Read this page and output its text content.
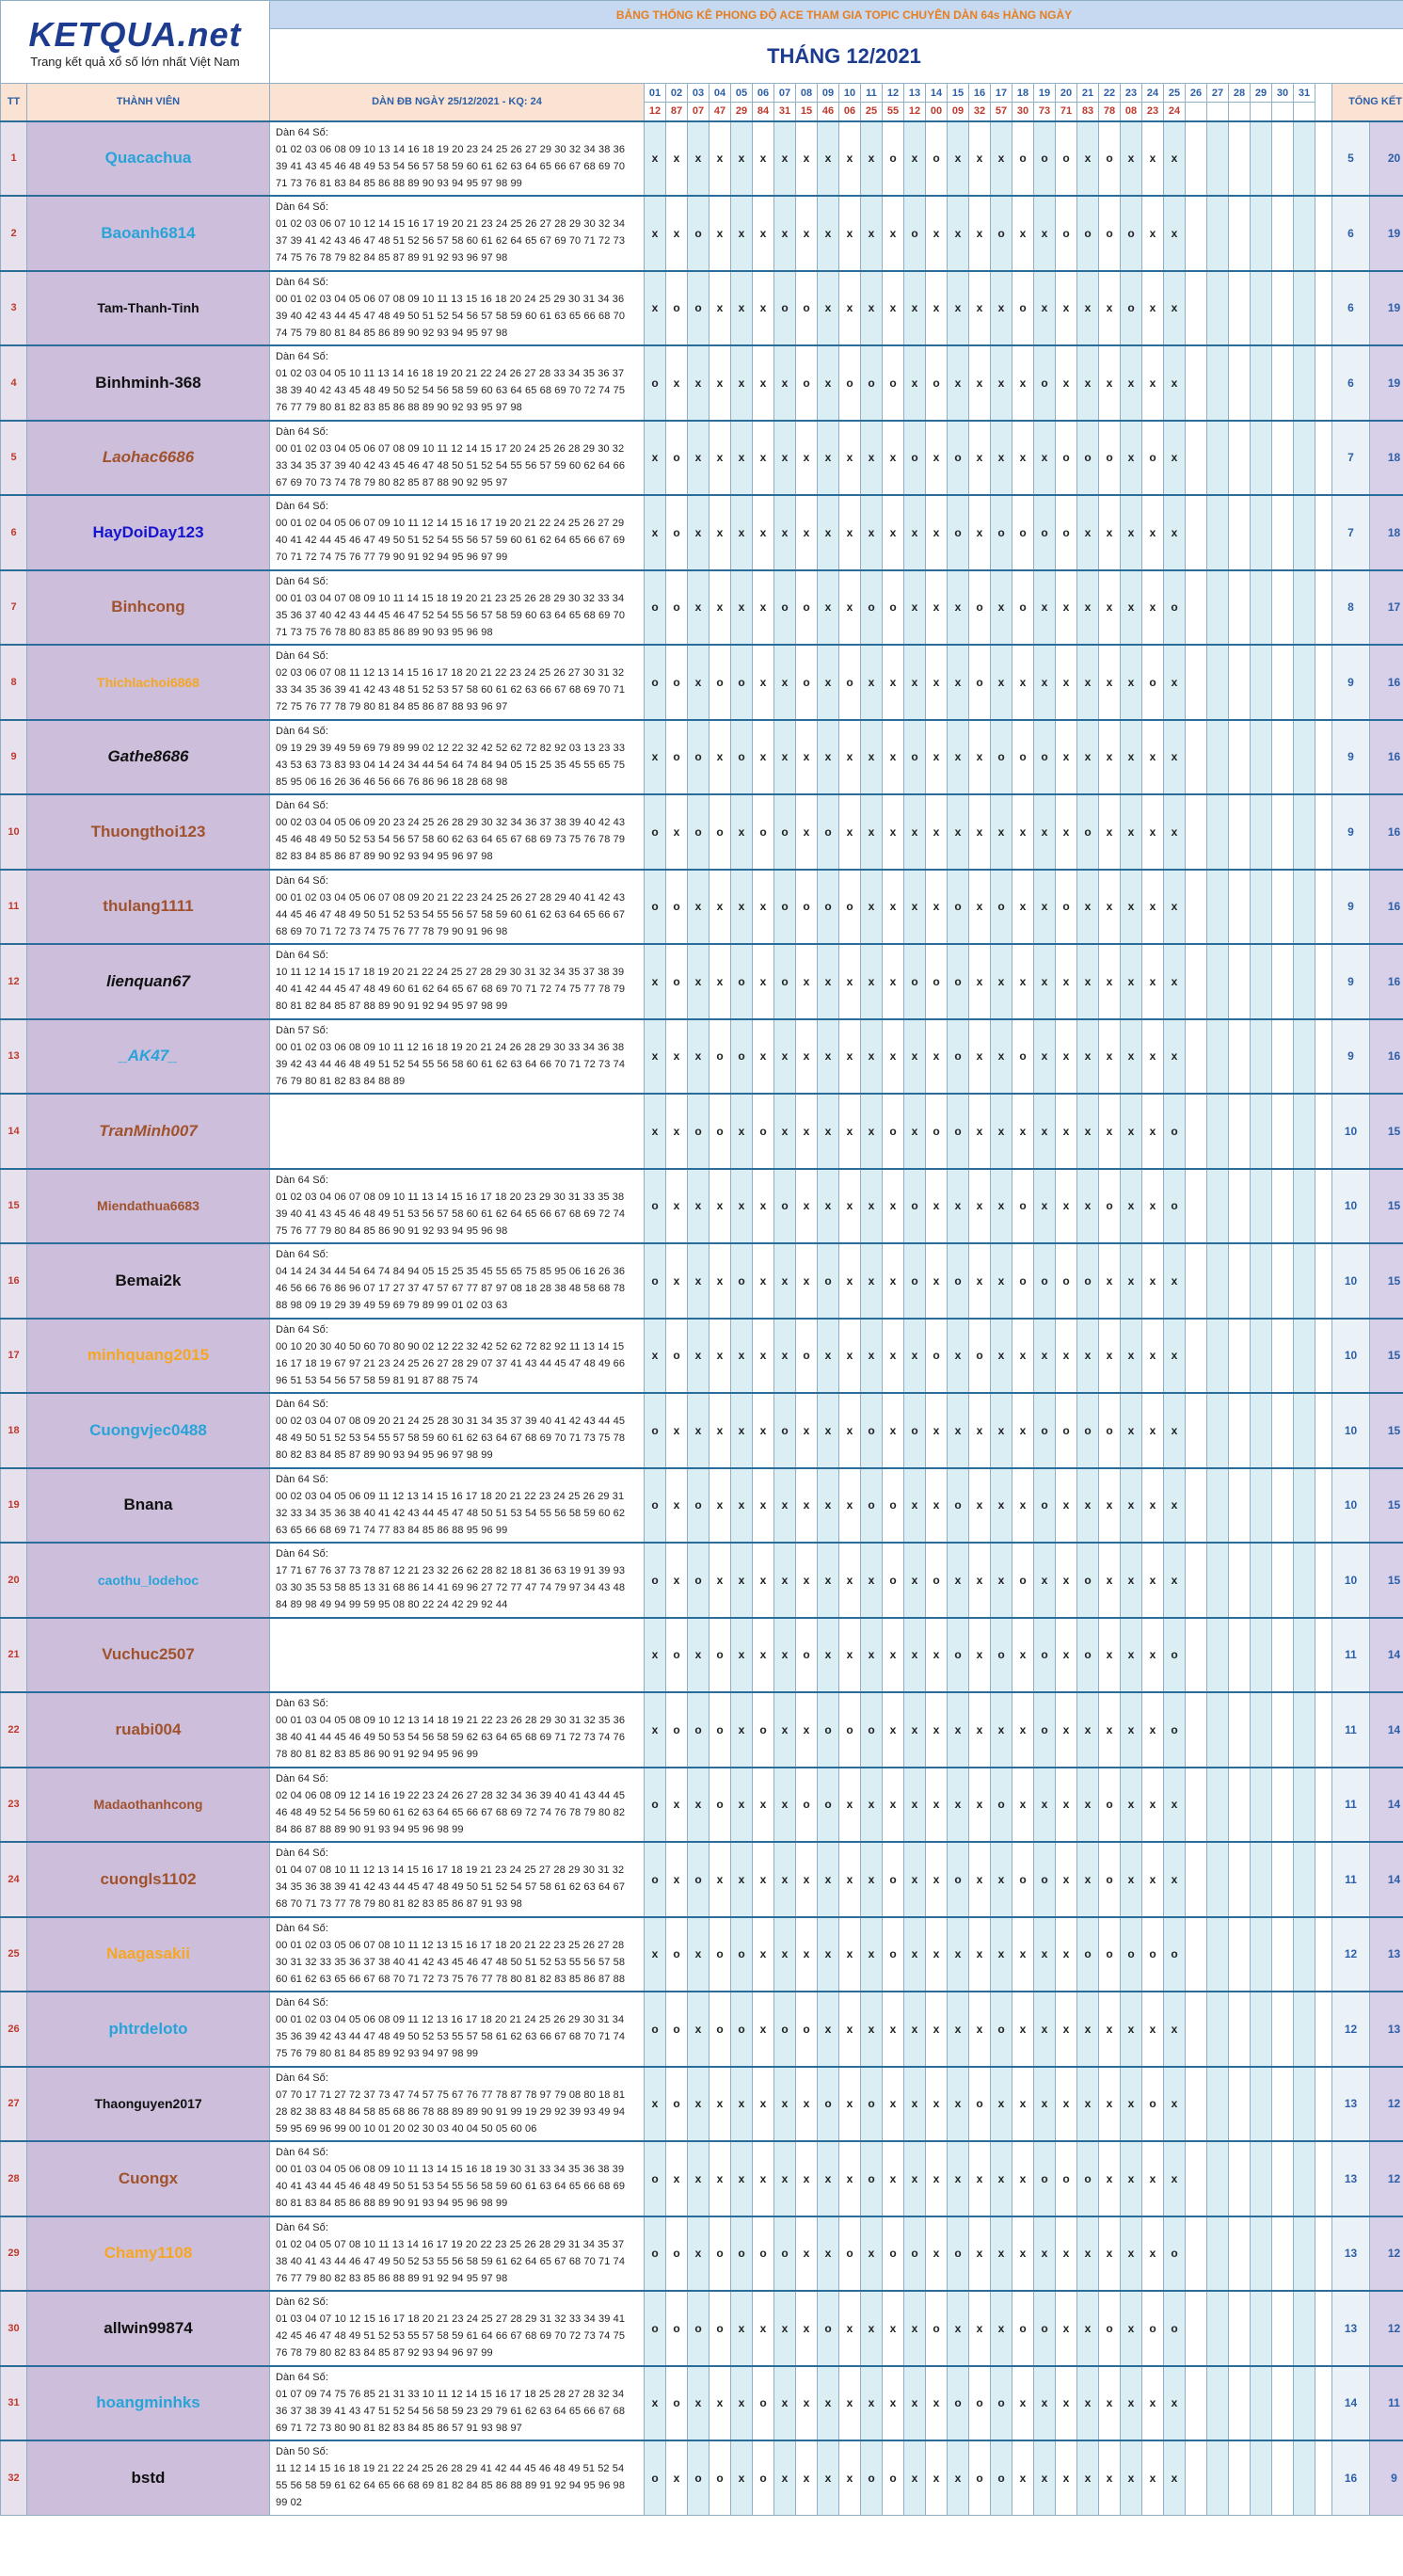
KETQUA.net
Trang kết quả xổ số lớn nhất Việt Nam		BẢNG THỐNG KÊ PHONG ĐỘ ACE THAM GIA TOPIC CHUYÊN DÀN 64s HÀNG NGÀY																																		
		THÁNG 12/2021																																		
TT	THÀNH VIÊN	DÀN ĐB NGÀY 25/12/2021 - KQ: 24	01	02	03	04	05	06	07	08	09	10	11	12	13	14	15	16	17	18	19	20	21	22	23	24	25	26	27	28	29	30	31		TỔNG KẾT	
			12	87	07	47	29	84	31	15	46	06	25	55	12	00	09	32	57	30	73	71	83	78	08	23	24									
1	Quacachua	Dàn 64 Số:
01 02 03 06 08 09 10 13 14 16 18 19 20 23 24 25 26 27 29 30 32 34 38 36 39 41 43 45 46 48 49 53 54 56 57 58 59 60 61 62 63 64 65 66 67 68 69 70 71 73 76 81 83 84 85 86 88 89 90 93 94 95 97 98 99	x	x	x	x	x	x	x	x	x	x	x	o	x	o	x	x	x	o	o	o	x	o	x	x	x								5	20
2	Baoanh6814	Dàn 64 Số:
01 02 03 06 07 10 12 14 15 16 17 19 20 21 23 24 25 26 27 28 29 30 32 34 37 39 41 42 43 46 47 48 51 52 56 57 58 60 61 62 64 65 67 69 70 71 72 73 74 75 76 78 79 82 84 85 87 89 91 92 93 96 97 98	x	x	o	x	x	x	x	x	x	x	x	x	o	x	x	x	o	x	x	o	o	o	o	x	x								6	19
3	Tam-Thanh-Tinh	Dàn 64 Số:
00 01 02 03 04 05 06 07 08 09 10 11 13 15 16 18 20 24 25 29 30 31 34 36 39 40 42 43 44 45 47 48 49 50 51 52 54 56 57 58 59 60 61 63 65 66 68 70 74 75 79 80 81 84 85 86 89 90 92 93 94 95 97 98	x	o	o	x	x	x	o	o	x	x	x	x	x	x	x	x	x	o	x	x	x	x	o	x	x								6	19
4	Binhminh-368	Dàn 64 Số:
01 02 03 04 05 10 11 13 14 16 18 19 20 21 22 24 26 27 28 33 34 35 36 37 38 39 40 42 43 45 48 49 50 52 54 56 58 59 60 63 64 65 68 69 70 72 74 75 76 77 79 80 81 82 83 85 86 88 89 90 92 93 95 97 98	o	x	x	x	x	x	x	o	x	o	o	o	x	o	x	x	x	x	o	x	x	x	x	x	x								6	19
5	Laohac6686	Dàn 64 Số:
00 01 02 03 04 05 06 07 08 09 10 11 12 14 15 17 20 24 25 26 28 29 30 32 33 34 35 37 39 40 42 43 45 46 47 48 50 51 52 54 55 56 57 59 60 62 64 66 67 69 70 73 74 78 79 80 82 85 87 88 90 92 95 97	x	o	x	x	x	x	x	x	x	x	x	x	o	x	o	x	x	x	x	o	o	o	x	o	x								7	18
6	HayDoiDay123	Dàn 64 Số:
00 01 02 04 05 06 07 09 10 11 12 14 15 16 17 19 20 21 22 24 25 26 27 29 40 41 42 44 45 46 47 49 50 51 52 54 55 56 57 59 60 61 62 64 65 66 67 69 70 71 72 74 75 76 77 79 90 91 92 94 95 96 97 99	x	o	x	x	x	x	x	x	x	x	x	x	x	x	o	x	o	o	o	o	x	x	x	x	x								7	18
7	Binhcong	Dàn 64 Số:
00 01 03 04 07 08 09 10 11 14 15 18 19 20 21 23 25 26 28 29 30 32 33 34 35 36 37 40 42 43 44 45 46 47 52 54 55 56 57 58 59 60 63 64 65 68 69 70 71 73 75 76 78 80 83 85 86 89 90 93 95 96 98	o	o	x	x	x	x	o	o	x	x	o	o	x	x	x	o	x	o	x	x	x	x	x	x	o								8	17
8	Thichlachoi6868	Dàn 64 Số:
02 03 06 07 08 11 12 13 14 15 16 17 18 20 21 22 23 24 25 26 27 30 31 32 33 34 35 36 39 41 42 43 48 51 52 53 57 58 60 61 62 63 66 67 68 69 70 71 72 75 76 77 78 79 80 81 84 85 86 87 88 93 96 97	o	o	x	o	o	x	x	o	x	o	x	x	x	x	x	o	x	x	x	x	x	x	x	o	x								9	16
9	Gathe8686	Dàn 64 Số:
09 19 29 39 49 59 69 79 89 99 02 12 22 32 42 52 62 72 82 92 03 13 23 33 43 53 63 73 83 93 04 14 24 34 44 54 64 74 84 94 05 15 25 35 45 55 65 75 85 95 06 16 26 36 46 56 66 76 86 96 18 28 68 98	x	o	o	x	o	x	x	x	x	x	x	x	o	x	x	x	o	o	o	x	x	x	x	x	x								9	16
10	Thuongthoi123	Dàn 64 Số:
00 02 03 04 05 06 09 20 23 24 25 26 28 29 30 32 34 36 37 38 39 40 42 43 45 46 48 49 50 52 53 54 56 57 58 60 62 63 64 65 67 68 69 73 75 76 78 79 82 83 84 85 86 87 89 90 92 93 94 95 96 97 98	o	x	o	o	x	o	o	x	o	x	x	x	x	x	x	x	x	x	x	x	o	x	x	x	x								9	16
11	thulang1111	Dàn 64 Số:
00 01 02 03 04 05 06 07 08 09 20 21 22 23 24 25 26 27 28 29 40 41 42 43 44 45 46 47 48 49 50 51 52 53 54 55 56 57 58 59 60 61 62 63 64 65 66 67 68 69 70 71 72 73 74 75 76 77 78 79 90 91 96 98	o	o	x	x	x	x	o	o	o	o	x	x	x	x	o	x	o	x	x	o	x	x	x	x	x								9	16
12	lienquan67	Dàn 64 Số:
10 11 12 14 15 17 18 19 20 21 22 24 25 27 28 29 30 31 32 34 35 37 38 39 40 41 42 44 45 47 48 49 60 61 62 64 65 67 68 69 70 71 72 74 75 77 78 79 80 81 82 84 85 87 88 89 90 91 92 94 95 97 98 99	x	o	x	x	o	x	o	x	x	x	x	x	o	o	o	x	x	x	x	x	x	x	x	x	x								9	16
13	_AK47_	Dàn 57 Số:
00 01 02 03 06 08 09 10 11 12 16 18 19 20 21 24 26 28 29 30 33 34 36 38 39 42 43 44 46 48 49 51 52 54 55 56 58 60 61 62 63 64 66 70 71 72 73 74 76 79 80 81 82 83 84 88 89	x	x	x	o	o	x	x	x	x	x	x	x	x	x	o	x	x	o	x	x	x	x	x	x	x								9	16
14	TranMinh007		x	x	o	o	x	o	x	x	x	x	x	o	x	o	o	x	x	x	x	x	x	x	x	x	o								10	15
15	Miendathua6683	Dàn 64 Số:
01 02 03 04 06 07 08 09 10 11 13 14 15 16 17 18 20 23 29 30 31 33 35 38 39 40 41 43 45 46 48 49 51 53 56 57 58 60 61 62 64 65 66 67 68 69 72 74 75 76 77 79 80 84 85 86 90 91 92 93 94 95 96 98	o	x	x	x	x	x	o	x	x	x	x	x	o	x	x	x	x	o	x	x	x	o	x	x	o								10	15
16	Bemai2k	Dàn 64 Số:
04 14 24 34 44 54 64 74 84 94 05 15 25 35 45 55 65 75 85 95 06 16 26 36 46 56 66 76 86 96 07 17 27 37 47 57 67 77 87 97 08 18 28 38 48 58 68 78 88 98 09 19 29 39 49 59 69 79 89 99 01 02 03 63	o	x	x	x	o	x	x	x	o	x	x	x	o	x	o	x	x	o	o	o	o	x	x	x	x								10	15
17	minhquang2015	Dàn 64 Số:
00 10 20 30 40 50 60 70 80 90 02 12 22 32 42 52 62 72 82 92 11 13 14 15 16 17 18 19 67 97 21 23 24 25 26 27 28 29 07 37 41 43 44 45 47 48 49 66 96 51 53 54 56 57 58 59 81 91 87 88 75 74	x	o	x	x	x	x	x	o	x	x	x	x	x	o	x	o	x	x	x	x	x	x	x	x	x								10	15
18	Cuongvjec0488	Dàn 64 Số:
00 02 03 04 07 08 09 20 21 24 25 28 30 31 34 35 37 39 40 41 42 43 44 45 48 49 50 51 52 53 54 55 57 58 59 60 61 62 63 64 67 68 69 70 71 73 75 78 80 82 83 84 85 87 89 90 93 94 95 96 97 98 99	o	x	x	x	x	x	o	x	x	x	o	x	o	x	x	x	x	x	o	o	o	o	x	x	x								10	15
19	Bnana	Dàn 64 Số:
00 02 03 04 05 06 09 11 12 13 14 15 16 17 18 20 21 22 23 24 25 26 29 31 32 33 34 35 36 38 40 41 42 43 44 45 47 48 50 51 53 54 55 56 58 59 60 62 63 65 66 68 69 71 74 77 83 84 85 86 88 95 96 99	o	x	o	x	x	x	x	x	x	x	o	o	x	x	o	x	x	x	o	x	x	x	x	x	x								10	15
20	caothu_lodehoc	Dàn 64 Số:
17 71 67 76 37 73 78 87 12 21 23 32 26 62 28 82 18 81 36 63 19 91 39 93 03 30 35 53 58 85 13 31 68 86 14 41 69 96 27 72 77 47 74 79 97 34 43 48 84 89 98 49 94 99 59 95 08 80 22 24 42 29 92 44	o	x	o	x	x	x	x	x	x	x	x	o	x	o	x	x	x	o	x	x	o	x	x	x	x								10	15
21	Vuchuc2507		x	o	x	o	x	x	x	o	x	x	x	x	x	x	o	x	o	x	o	x	o	x	x	x	o								11	14
22	ruabi004	Dàn 63 Số:
00 01 03 04 05 08 09 10 12 13 14 18 19 21 22 23 26 28 29 30 31 32 35 36 38 40 41 44 45 46 49 50 53 54 56 58 59 62 63 64 65 68 69 71 72 73 74 76 78 80 81 82 83 85 86 90 91 92 94 95 96 99	x	o	o	o	x	o	x	x	o	o	o	x	x	x	x	x	x	x	o	x	x	x	x	x	o								11	14
23	Madaothanhcong	Dàn 64 Số:
02 04 06 08 09 12 14 16 19 22 23 24 26 27 28 32 34 36 39 40 41 43 44 45 46 48 49 52 54 56 59 60 61 62 63 64 65 66 67 68 69 72 74 76 78 79 80 82 84 86 87 88 89 90 91 93 94 95 96 98 99	o	x	x	o	x	x	x	o	o	x	x	x	x	x	x	x	o	x	x	x	x	o	x	x	x								11	14
24	cuongls1102	Dàn 64 Số:
01 04 07 08 10 11 12 13 14 15 16 17 18 19 21 23 24 25 27 28 29 30 31 32 34 35 36 38 39 41 42 43 44 45 47 48 49 50 51 52 54 57 58 61 62 63 64 67 68 70 71 73 77 78 79 80 81 82 83 85 86 87 91 93 98	o	x	o	x	x	x	x	x	x	x	x	o	x	x	o	x	x	o	o	x	x	o	x	x	x								11	14
25	Naagasakii	Dàn 64 Số:
00 01 02 03 05 06 07 08 10 11 12 13 15 16 17 18 20 21 22 23 25 26 27 28 30 31 32 33 35 36 37 38 40 41 42 43 45 46 47 48 50 51 52 53 55 56 57 58 60 61 62 63 65 66 67 68 70 71 72 73 75 76 77 78 80 81 82 83 85 86 87 88	x	o	x	o	o	x	x	x	x	x	x	o	x	x	x	x	x	x	x	x	o	o	o	o	o								12	13
26	phtrdeloto	Dàn 64 Số:
00 01 02 03 04 05 06 08 09 11 12 13 16 17 18 20 21 24 25 26 29 30 31 34 35 36 39 42 43 44 47 48 49 50 52 53 55 57 58 61 62 63 66 67 68 70 71 74 75 76 79 80 81 84 85 89 92 93 94 97 98 99	o	o	x	o	o	x	o	o	x	x	x	x	x	x	x	x	o	x	x	x	x	x	x	x	x								12	13
27	Thaonguyen2017	Dàn 64 Số:
07 70 17 71 27 72 37 73 47 74 57 75 67 76 77 78 87 78 97 79 08 80 18 81 28 82 38 83 48 84 58 85 68 86 78 88 89 89 90 91 99 19 29 92 39 93 49 94 59 95 69 96 99 00 10 01 20 02 30 03 40 04 50 05 60 06	x	o	x	x	x	x	x	x	o	x	o	x	x	x	x	o	x	x	x	x	x	x	x	o	x								13	12
28	Cuongx	Dàn 64 Số:
00 01 03 04 05 06 08 09 10 11 13 14 15 16 18 19 30 31 33 34 35 36 38 39 40 41 43 44 45 46 48 49 50 51 53 54 55 56 58 59 60 61 63 64 65 66 68 69 80 81 83 84 85 86 88 89 90 91 93 94 95 96 98 99	o	x	x	x	x	x	x	x	x	x	o	x	x	x	x	x	x	x	o	o	o	x	x	x	x								13	12
29	Chamy1108	Dàn 64 Số:
01 02 04 05 07 08 10 11 13 14 16 17 19 20 22 23 25 26 28 29 31 34 35 37 38 40 41 43 44 46 47 49 50 52 53 55 56 58 59 61 62 64 65 67 68 70 71 74 76 77 79 80 82 83 85 86 88 89 91 92 94 95 97 98	o	o	x	o	o	o	o	x	x	o	x	o	o	x	o	x	x	x	x	x	x	x	x	x	o								13	12
30	allwin99874	Dàn 62 Số:
01 03 04 07 10 12 15 16 17 18 20 21 23 24 25 27 28 29 31 32 33 34 39 41 42 45 46 47 48 49 51 52 53 55 57 58 59 61 64 66 67 68 69 70 72 73 74 75 76 78 79 80 82 83 84 85 87 92 93 94 96 97 99	o	o	o	o	x	x	x	x	o	x	x	x	x	o	x	x	x	o	o	x	x	o	x	o	o								13	12
31	hoangminhks	Dàn 64 Số:
01 07 09 74 75 76 85 21 31 33 10 11 12 14 15 16 17 18 25 28 27 28 32 34 36 37 38 39 41 43 47 51 52 54 56 58 59 23 29 79 61 62 63 64 65 66 67 68 69 71 72 73 80 90 81 82 83 84 85 86 57 91 93 98 97	x	o	x	x	x	o	x	x	x	x	x	x	x	x	o	o	o	x	x	x	x	x	x	x	x								14	11
32	bstd	Dàn 50 Số:
11 12 14 15 16 18 19 21 22 24 25 26 28 29 41 42 44 45 46 48 49 51 52 54 55 56 58 59 61 62 64 65 66 68 69 81 82 84 85 86 88 89 91 92 94 95 96 98 99 02	o	x	o	o	x	o	x	x	x	x	o	o	x	x	x	o	o	x	x	x	x	x	x	x	x								16	9
